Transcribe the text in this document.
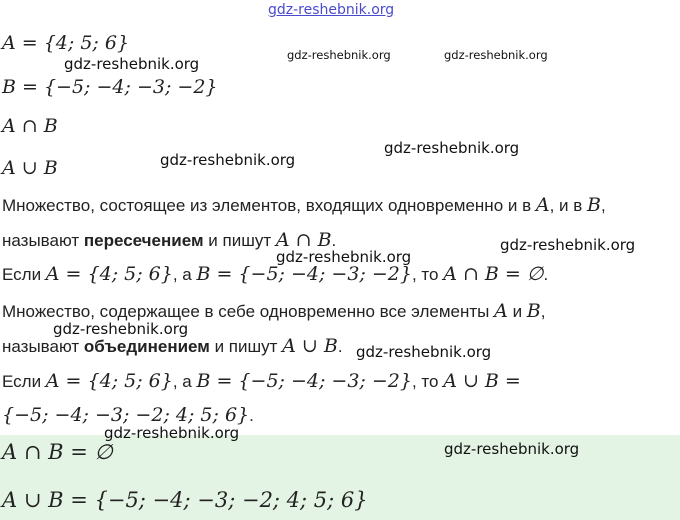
A = {4; 5; 6}
B = {−5; −4; −3; −2}
A ∩ B
A ∪ B
Множество, состоящее из элементов, входящих одновременно и в A, и в B,
называют пересечением и пишут A ∩ B.
Если A = {4; 5; 6}, а B = {−5; −4; −3; −2}, то A ∩ B = ∅.
Множество, содержащее в себе одновременно все элементы A и B,
называют объединением и пишут A ∪ B.
Если A = {4; 5; 6}, а B = {−5; −4; −3; −2}, то A ∪ B =
{−5; −4; −3; −2; 4; 5; 6}.
A ∩ B = ∅
A ∪ B = {−5; −4; −3; −2; 4; 5; 6}
gdz-reshebnik.org
gdz-reshebnik.org	gdz-reshebnik.org	gdz-reshebnik.org
gdz-reshebnik.org
gdz-reshebnik.org
gdz-reshebnik.org
gdz-reshebnik.org
gdz-reshebnik.org
gdz-reshebnik.org
gdz-reshebnik.org
gdz-reshebnik.org
